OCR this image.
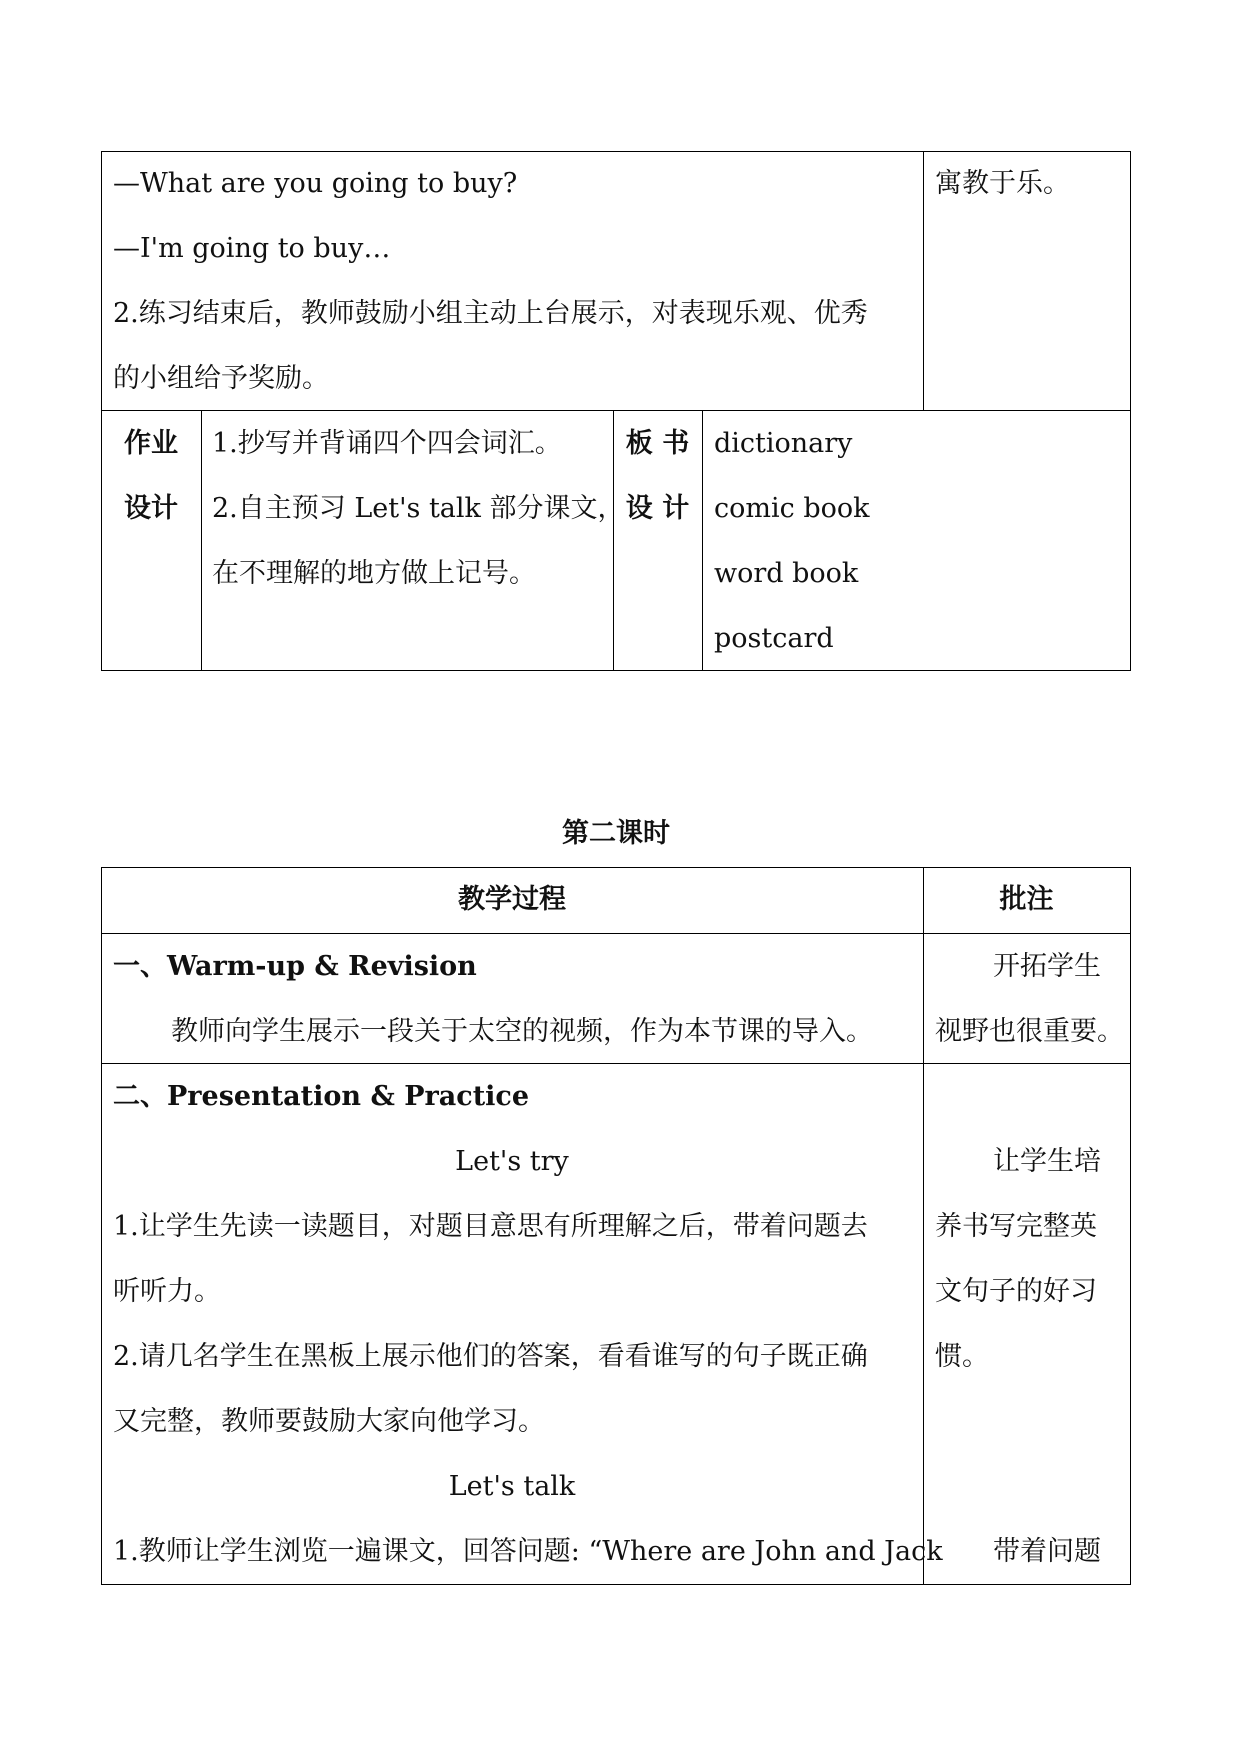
—What are you going to buy?
—I'm going to buy…
2.练习结束后，教师鼓励小组主动上台展示，对表现乐观、优秀
的小组给予奖励。
寓教于乐。
作业
设计
1.抄写并背诵四个四会词汇。
2.自主预习 Let's talk 部分课文，
在不理解的地方做上记号。
板 书
设 计
dictionary
comic book
word book
postcard
第二课时
教学过程	批注
一、Warm-up & Revision
教师向学生展示一段关于太空的视频，作为本节课的导入。
开拓学生
视野也很重要。
二、Presentation & Practice
Let's try
1.让学生先读一读题目，对题目意思有所理解之后，带着问题去
听听力。
2.请几名学生在黑板上展示他们的答案，看看谁写的句子既正确
又完整，教师要鼓励大家向他学习。
Let's talk
1.教师让学生浏览一遍课文，回答问题: “Where are John and Jack
让学生培
养书写完整英
文句子的好习
惯。
带着问题
